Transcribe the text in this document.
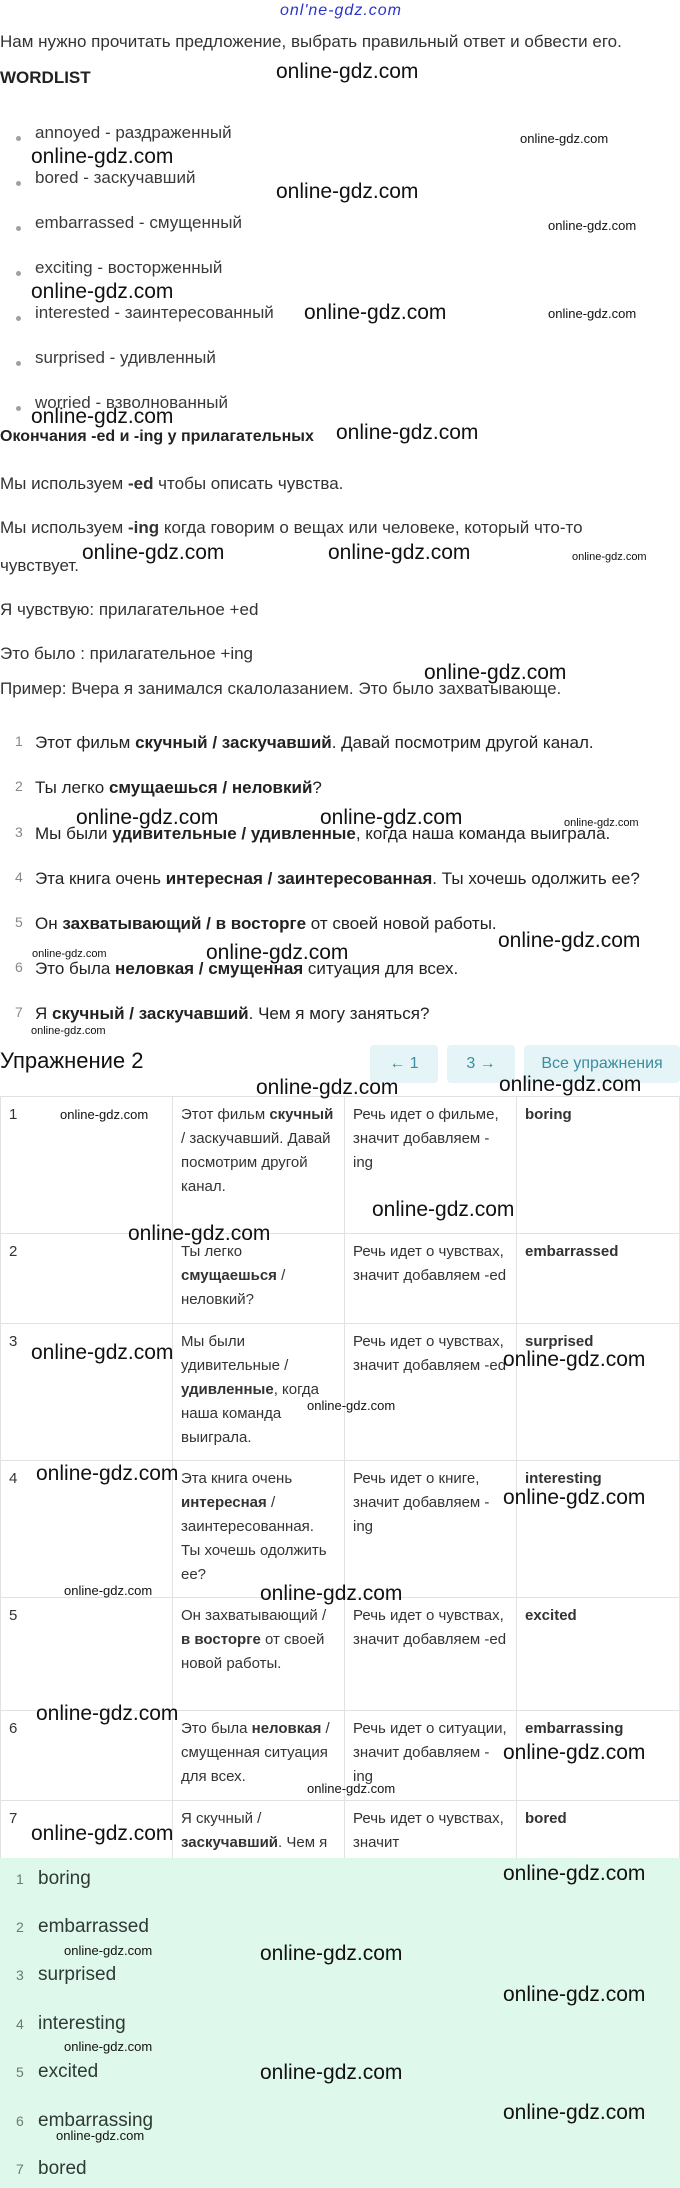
onl'ne-gdz.com
Нам нужно прочитать предложение, выбрать правильный ответ и обвести его.
WORDLIST
annoyed - раздраженный
bored - заскучавший
embarrassed - смущенный
exciting - восторженный
interested - заинтересованный
surprised - удивленный
worried - взволнованный
Окончания -ed и -ing у прилагательных
Мы используем -ed чтобы описать чувства.
Мы используем -ing когда говорим о вещах или человеке, который что-то
чувствует.
Я чувствую: прилагательное +ed
Это было : прилагательное +ing
Пример: Вчера я занимался скалолазанием. Это было захватывающе.
1 Этот фильм скучный / заскучавший. Давай посмотрим другой канал.
2 Ты легко смущаешься / неловкий?
3 Мы были удивительные / удивленные, когда наша команда выиграла.
4 Эта книга очень интересная / заинтересованная. Ты хочешь одолжить ее?
5 Он захватывающий / в восторге от своей новой работы.
6 Это была неловкая / смущенная ситуация для всех.
7 Я скучный / заскучавший. Чем я могу заняться?
Упражнение 2	← 1	3 →	Все упражнения
1	Этот фильм скучный / заскучавший. Давай посмотрим другой канал.	Речь идет о фильме, значит добавляем -ing	boring
2	Ты легко смущаешься / неловкий?	Речь идет о чувствах, значит добавляем -ed	embarrassed
3	Мы были удивительные / удивленные, когда наша команда выиграла.	Речь идет о чувствах, значит добавляем -ed	surprised
4	Эта книга очень интересная / заинтересованная. Ты хочешь одолжить ее?	Речь идет о книге, значит добавляем -ing	interesting
5	Он захватывающий / в восторге от своей новой работы.	Речь идет о чувствах, значит добавляем -ed	excited
6	Это была неловкая / смущенная ситуация для всех.	Речь идет о ситуации, значит добавляем -ing	embarrassing
7	Я скучный / заскучавший. Чем я	Речь идет о чувствах, значит	bored
1 boring
2 embarrassed
3 surprised
4 interesting
5 excited
6 embarrassing
7 bored
online-gdz.com
online-gdz.com
online-gdz.com
online-gdz.com
online-gdz.com
online-gdz.com
online-gdz.com	online-gdz.com
online-gdz.com
online-gdz.com
online-gdz.com	online-gdz.com	online-gdz.com
online-gdz.com
online-gdz.com	online-gdz.com	online-gdz.com
online-gdz.com
online-gdz.com	online-gdz.com
online-gdz.com
online-gdz.com	online-gdz.com
online-gdz.com
online-gdz.com
online-gdz.com
online-gdz.com	online-gdz.com
online-gdz.com
online-gdz.com
online-gdz.com
online-gdz.com	online-gdz.com
online-gdz.com
online-gdz.com
online-gdz.com
online-gdz.com
online-gdz.com
online-gdz.com	online-gdz.com
online-gdz.com
online-gdz.com
online-gdz.com
online-gdz.com
online-gdz.com
